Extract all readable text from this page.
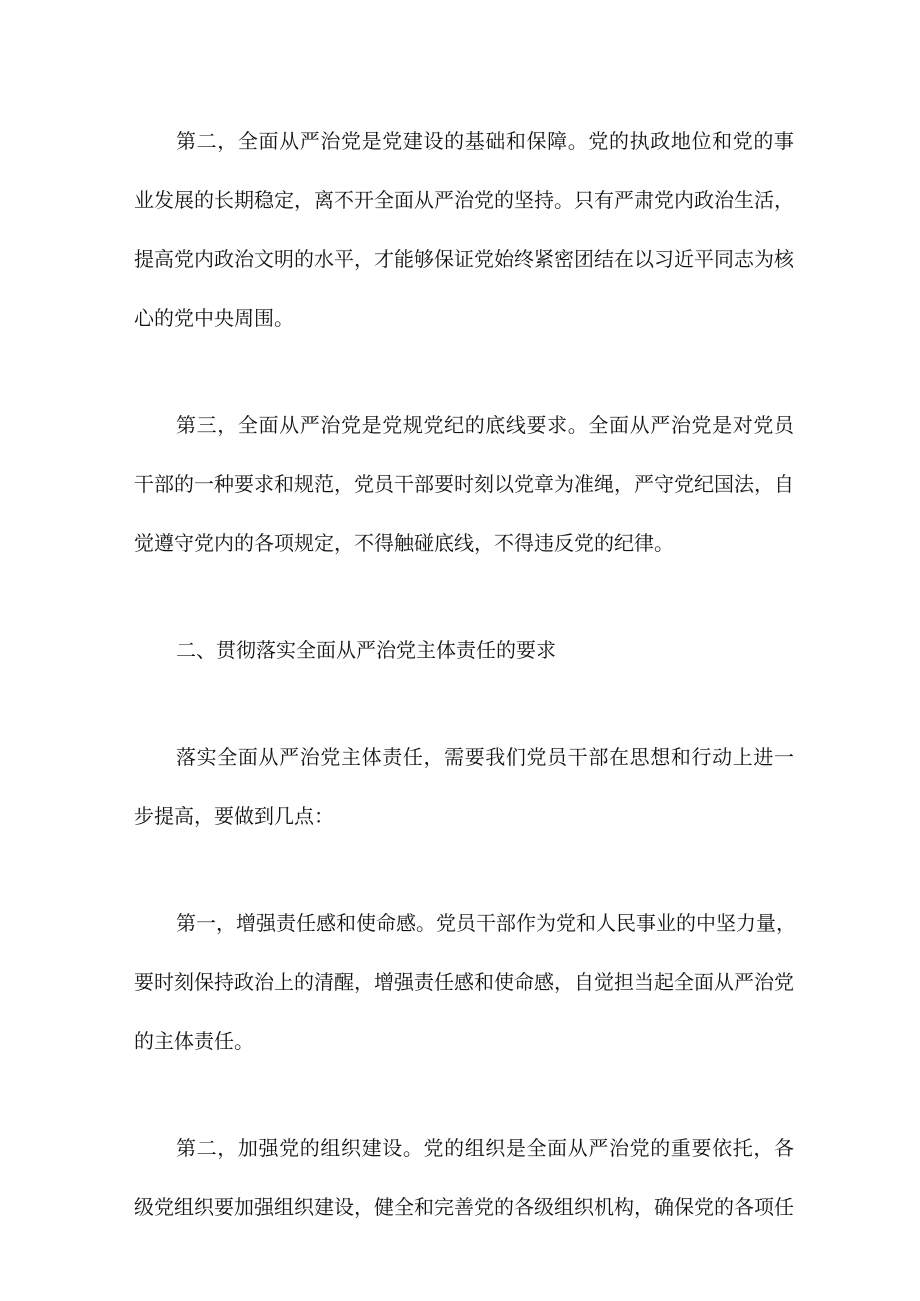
第二，全面从严治党是党建设的基础和保障。党的执政地位和党的事
业发展的长期稳定，离不开全面从严治党的坚持。只有严肃党内政治生活，
提高党内政治文明的水平，才能够保证党始终紧密团结在以习近平同志为核
心的党中央周围。

第三，全面从严治党是党规党纪的底线要求。全面从严治党是对党员
干部的一种要求和规范，党员干部要时刻以党章为准绳，严守党纪国法，自
觉遵守党内的各项规定，不得触碰底线，不得违反党的纪律。

二、贯彻落实全面从严治党主体责任的要求

落实全面从严治党主体责任，需要我们党员干部在思想和行动上进一
步提高，要做到几点：

第一，增强责任感和使命感。党员干部作为党和人民事业的中坚力量，
要时刻保持政治上的清醒，增强责任感和使命感，自觉担当起全面从严治党
的主体责任。

第二，加强党的组织建设。党的组织是全面从严治党的重要依托，各
级党组织要加强组织建设，健全和完善党的各级组织机构，确保党的各项任
